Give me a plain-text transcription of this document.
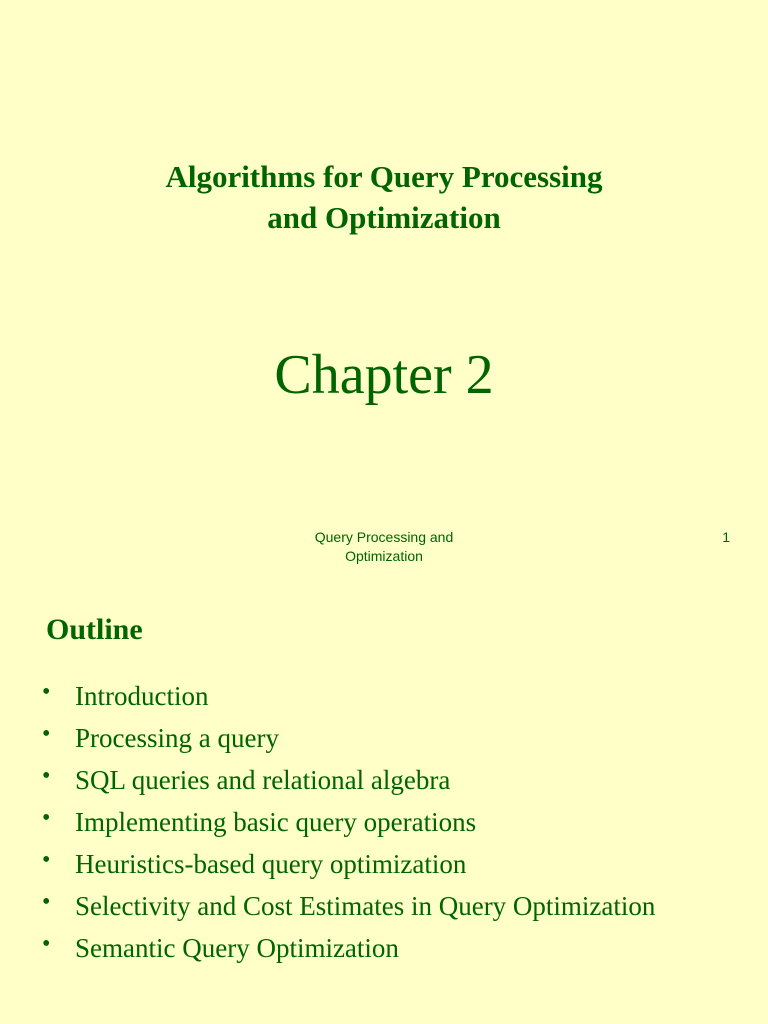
Algorithms for Query Processing
and Optimization
Chapter 2
Query Processing and
Optimization
1
Outline
• Introduction
• Processing a query
• SQL queries and relational algebra
• Implementing basic query operations
• Heuristics-based query optimization
• Selectivity and Cost Estimates in Query Optimization
• Semantic Query Optimization
